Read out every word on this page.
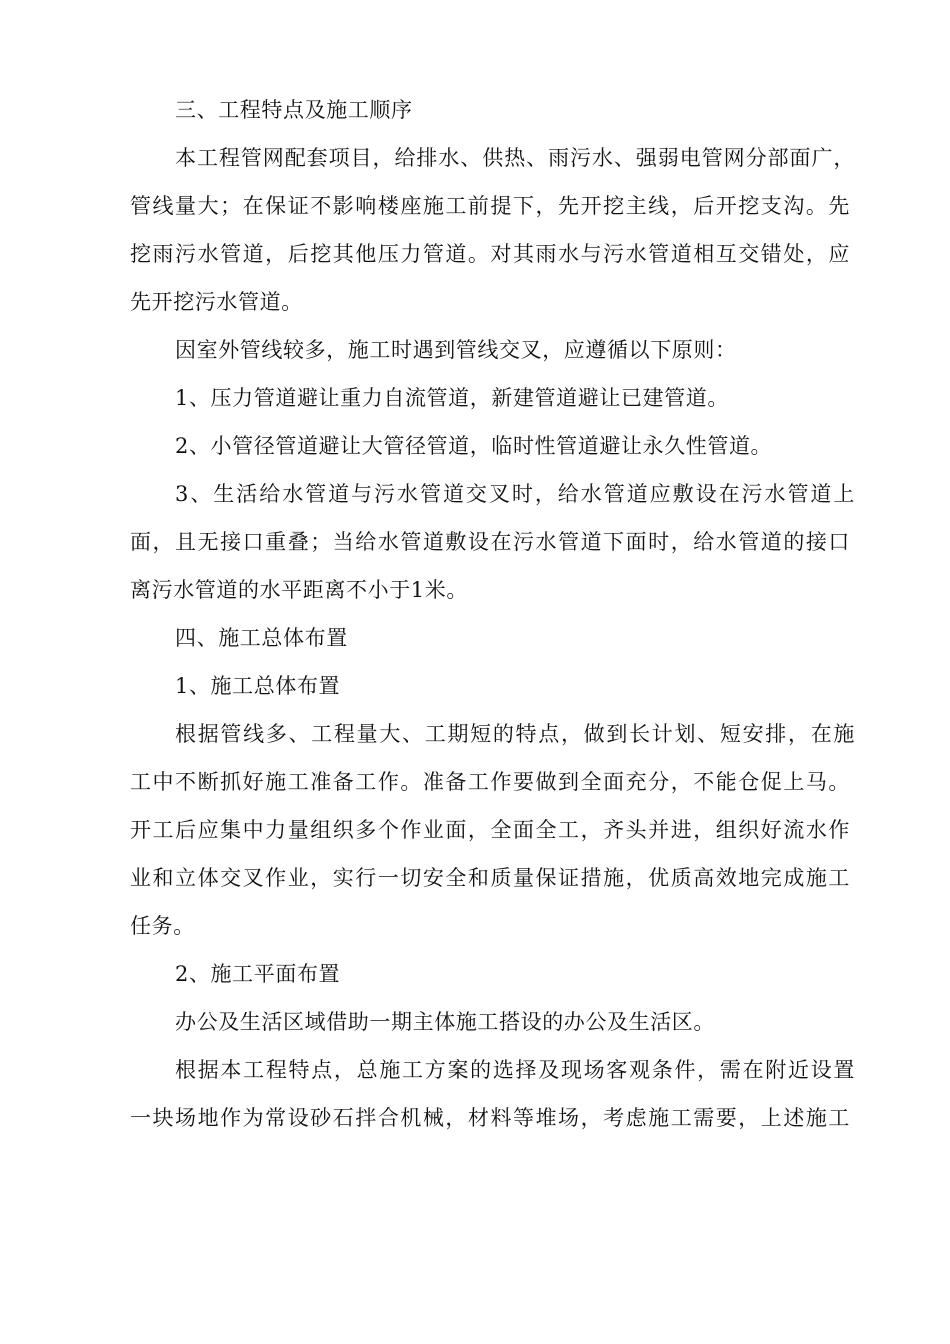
三、工程特点及施工顺序
本工程管网配套项目，给排水、供热、雨污水、强弱电管网分部面广，
管线量大；在保证不影响楼座施工前提下，先开挖主线，后开挖支沟。先
挖雨污水管道，后挖其他压力管道。对其雨水与污水管道相互交错处，应
先开挖污水管道。
因室外管线较多，施工时遇到管线交叉，应遵循以下原则：
1、压力管道避让重力自流管道，新建管道避让已建管道。
2、小管径管道避让大管径管道，临时性管道避让永久性管道。
3、生活给水管道与污水管道交叉时，给水管道应敷设在污水管道上
面，且无接口重叠；当给水管道敷设在污水管道下面时，给水管道的接口
离污水管道的水平距离不小于1米。
四、施工总体布置
1、施工总体布置
根据管线多、工程量大、工期短的特点，做到长计划、短安排，在施
工中不断抓好施工准备工作。准备工作要做到全面充分，不能仓促上马。
开工后应集中力量组织多个作业面，全面全工，齐头并进，组织好流水作
业和立体交叉作业，实行一切安全和质量保证措施，优质高效地完成施工
任务。
2、施工平面布置
办公及生活区域借助一期主体施工搭设的办公及生活区。
根据本工程特点，总施工方案的选择及现场客观条件，需在附近设置
一块场地作为常设砂石拌合机械，材料等堆场，考虑施工需要，上述施工
